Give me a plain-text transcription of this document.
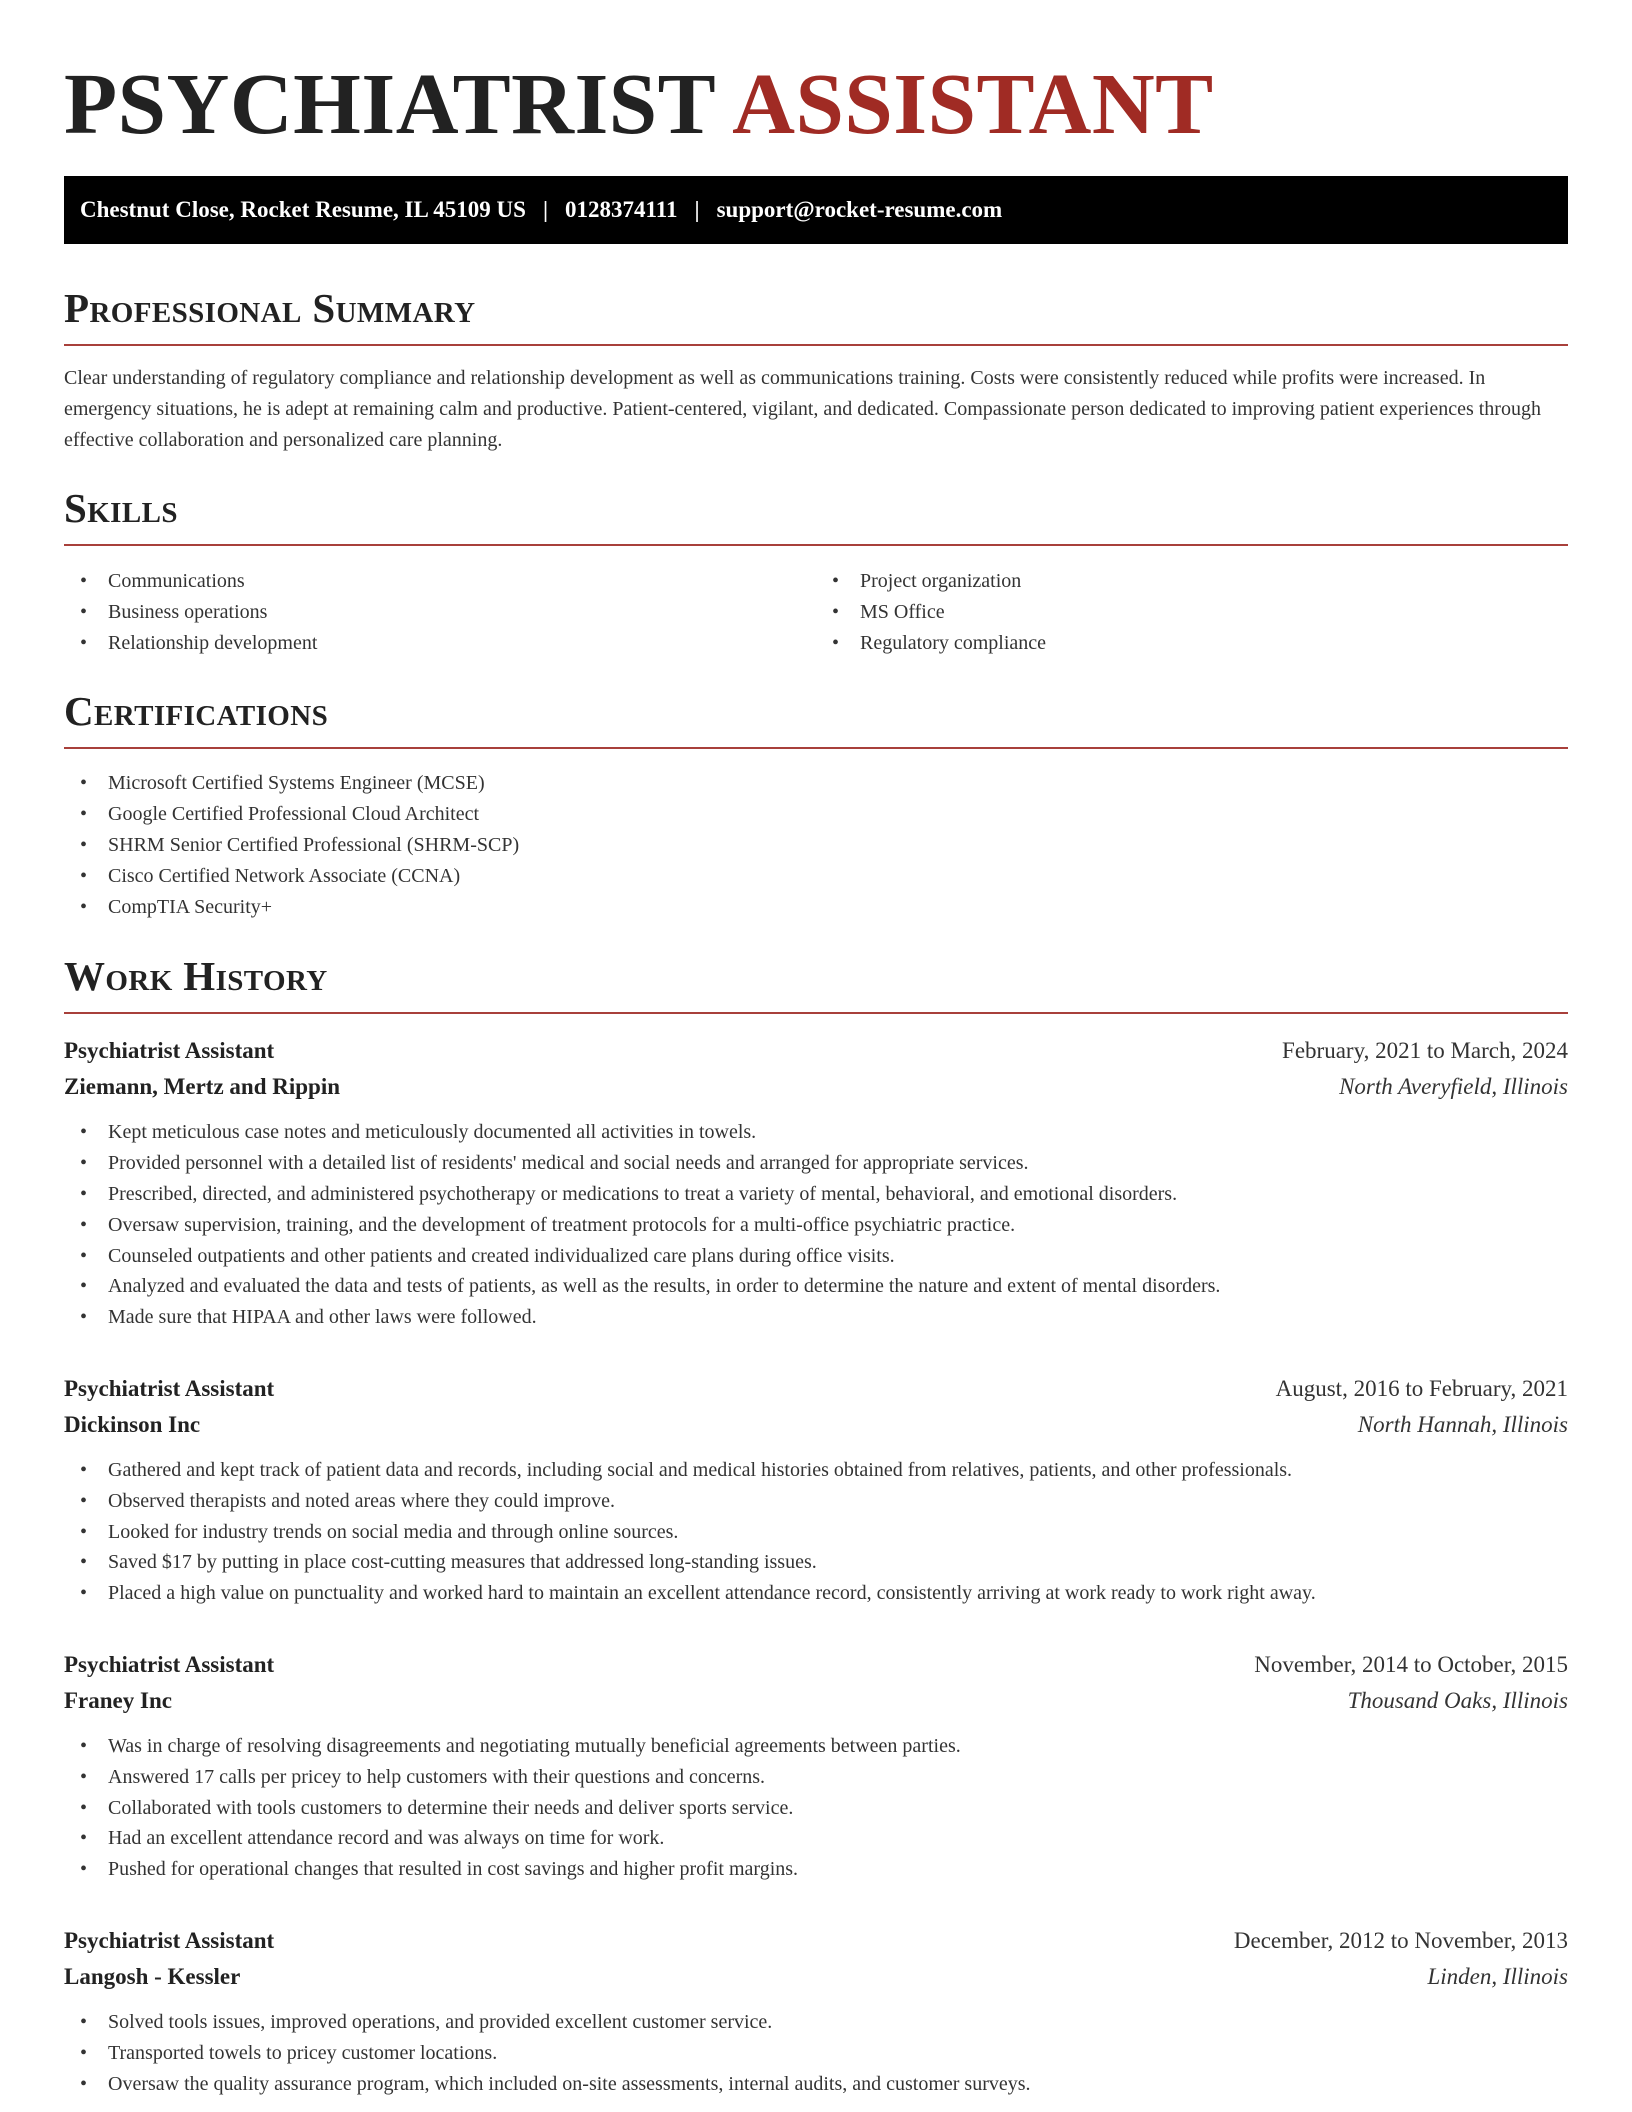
PSYCHIATRIST ASSISTANT
Chestnut Close, Rocket Resume, IL 45109 US | 0128374111 | support@rocket-resume.com
Professional Summary

Clear understanding of regulatory compliance and relationship development as well as communications training. Costs were consistently reduced while profits were increased. In emergency situations, he is adept at remaining calm and productive. Patient-centered, vigilant, and dedicated. Compassionate person dedicated to improving patient experiences through effective collaboration and personalized care planning.

Skills
• Communications
• Business operations
• Relationship development
• Project organization
• MS Office
• Regulatory compliance
Certifications
• Microsoft Certified Systems Engineer (MCSE)
• Google Certified Professional Cloud Architect
• SHRM Senior Certified Professional (SHRM-SCP)
• Cisco Certified Network Associate (CCNA)
• CompTIA Security+
Work History
Psychiatrist Assistant	February, 2021 to March, 2024
Ziemann, Mertz and Rippin	North Averyfield, Illinois
• Kept meticulous case notes and meticulously documented all activities in towels.
• Provided personnel with a detailed list of residents' medical and social needs and arranged for appropriate services.
• Prescribed, directed, and administered psychotherapy or medications to treat a variety of mental, behavioral, and emotional disorders.
• Oversaw supervision, training, and the development of treatment protocols for a multi-office psychiatric practice.
• Counseled outpatients and other patients and created individualized care plans during office visits.
• Analyzed and evaluated the data and tests of patients, as well as the results, in order to determine the nature and extent of mental disorders.
• Made sure that HIPAA and other laws were followed.
Psychiatrist Assistant	August, 2016 to February, 2021
Dickinson Inc	North Hannah, Illinois
• Gathered and kept track of patient data and records, including social and medical histories obtained from relatives, patients, and other professionals.
• Observed therapists and noted areas where they could improve.
• Looked for industry trends on social media and through online sources.
• Saved $17 by putting in place cost-cutting measures that addressed long-standing issues.
• Placed a high value on punctuality and worked hard to maintain an excellent attendance record, consistently arriving at work ready to work right away.
Psychiatrist Assistant	November, 2014 to October, 2015
Franey Inc	Thousand Oaks, Illinois
• Was in charge of resolving disagreements and negotiating mutually beneficial agreements between parties.
• Answered 17 calls per pricey to help customers with their questions and concerns.
• Collaborated with tools customers to determine their needs and deliver sports service.
• Had an excellent attendance record and was always on time for work.
• Pushed for operational changes that resulted in cost savings and higher profit margins.
Psychiatrist Assistant	December, 2012 to November, 2013
Langosh - Kessler	Linden, Illinois
• Solved tools issues, improved operations, and provided excellent customer service.
• Transported towels to pricey customer locations.
• Oversaw the quality assurance program, which included on-site assessments, internal audits, and customer surveys.
